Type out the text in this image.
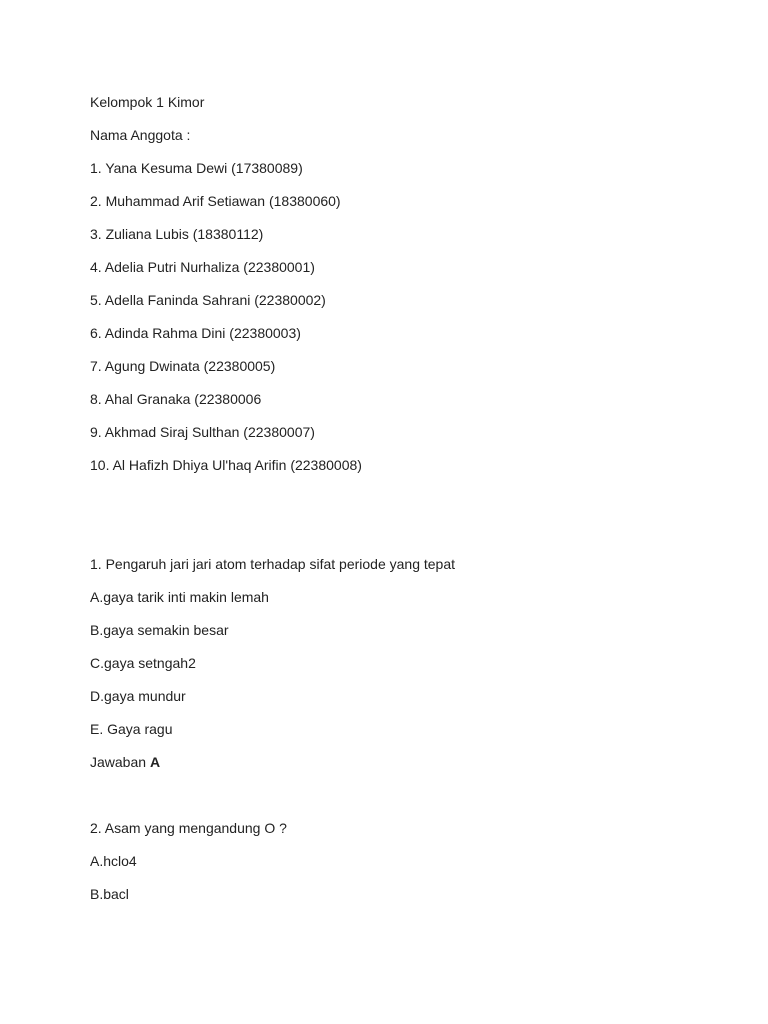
Kelompok 1 Kimor
Nama Anggota :
1. Yana Kesuma Dewi (17380089)
2. Muhammad Arif Setiawan (18380060)
3. Zuliana Lubis (18380112)
4. Adelia Putri Nurhaliza (22380001)
5. Adella Faninda Sahrani (22380002)
6. Adinda Rahma Dini (22380003)
7. Agung Dwinata (22380005)
8. Ahal Granaka (22380006
9. Akhmad Siraj Sulthan (22380007)
10. Al Hafizh Dhiya Ul'haq Arifin (22380008)
1. Pengaruh jari jari atom terhadap sifat periode yang tepat
A.gaya tarik inti makin lemah
B.gaya semakin besar
C.gaya setngah2
D.gaya mundur
E. Gaya ragu
Jawaban A
2. Asam yang mengandung O ?
A.hclo4
B.bacl
